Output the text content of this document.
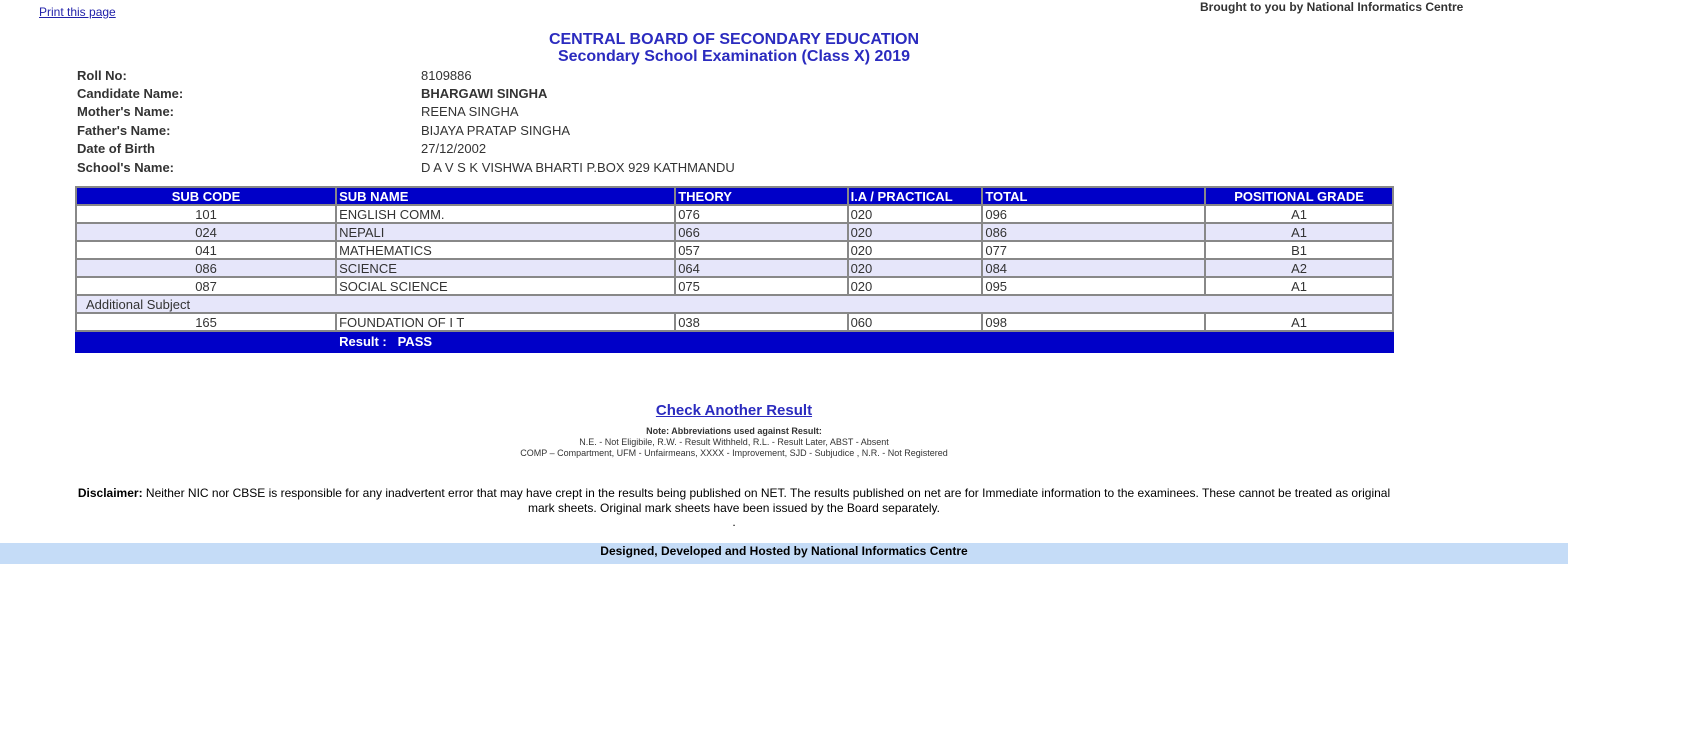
Print this page	Brought to you by National Informatics Centre
CENTRAL BOARD OF SECONDARY EDUCATION
Secondary School Examination (Class X) 2019
Roll No:	8109886
Candidate Name:	BHARGAWI SINGHA
Mother's Name:	REENA SINGHA
Father's Name:	BIJAYA PRATAP SINGHA
Date of Birth	27/12/2002
School's Name:	D A V S K VISHWA BHARTI P.BOX 929 KATHMANDU
SUB CODE	SUB NAME	THEORY	I.A / PRACTICAL	TOTAL	POSITIONAL GRADE
101	ENGLISH COMM.	076	020	096	A1
024	NEPALI	066	020	086	A1
041	MATHEMATICS	057	020	077	B1
086	SCIENCE	064	020	084	A2
087	SOCIAL SCIENCE	075	020	095	A1
Additional Subject					
165	FOUNDATION OF I T	038	060	098	A1
	Result :   PASS				
Check Another Result
Note: Abbreviations used against Result:
N.E. - Not Eligibile, R.W. - Result Withheld, R.L. - Result Later, ABST - Absent
COMP – Compartment, UFM - Unfairmeans, XXXX - Improvement, SJD - Subjudice , N.R. - Not Registered
Disclaimer: Neither NIC nor CBSE is responsible for any inadvertent error that may have crept in the results being published on NET. The results published on net are for Immediate information to the examinees. These cannot be treated as original mark sheets. Original mark sheets have been issued by the Board separately.
.
Designed, Developed and Hosted by National Informatics Centre
